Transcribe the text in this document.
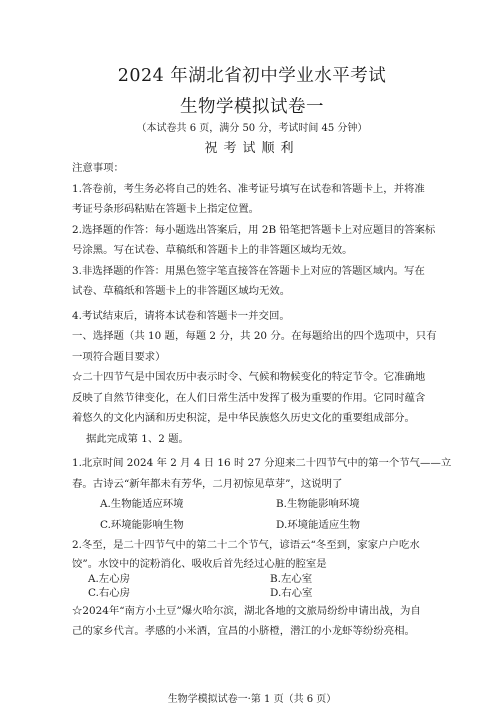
2024 年湖北省初中学业水平考试
生物学模拟试卷一
（本试卷共 6 页，满分 50 分，考试时间 45 分钟）
祝考试顺利

注意事项：

1.答卷前，考生务必将自己的姓名、准考证号填写在试卷和答题卡上，并将准

考证号条形码粘贴在答题卡上指定位置。

2.选择题的作答：每小题选出答案后，用 2B 铅笔把答题卡上对应题目的答案标

号涂黑。写在试卷、草稿纸和答题卡上的非答题区域均无效。

3.非选择题的作答：用黑色签字笔直接答在答题卡上对应的答题区域内。写在

试卷、草稿纸和答题卡上的非答题区域均无效。

4.考试结束后，请将本试卷和答题卡一并交回。

一、选择题（共 10 题，每题 2 分，共 20 分。在每题给出的四个选项中，只有

一项符合题目要求）

☆二十四节气是中国农历中表示时令、气候和物候变化的特定节令。它准确地

反映了自然节律变化，在人们日常生活中发挥了极为重要的作用。它同时蕴含

着悠久的文化内涵和历史积淀，是中华民族悠久历史文化的重要组成部分。

据此完成第 1、2 题。

1.北京时间 2024 年 2 月 4 日 16 时 27 分迎来二十四节气中的第一个节气——立

春。古诗云“新年都未有芳华，二月初惊见草芽”，这说明了

A.生物能适应环境	B.生物能影响环境
C.环境能影响生物	D.环境能适应生物

2.冬至，是二十四节气中的第二十二个节气，谚语云“冬至到，家家户户吃水

饺”。水饺中的淀粉消化、吸收后首先经过心脏的腔室是

A.左心房	B.左心室
C.右心房	D.右心室

☆2024年“南方小土豆”爆火哈尔滨，湖北各地的文旅局纷纷申请出战，为自

己的家乡代言。孝感的小米酒，宜昌的小脐橙，潜江的小龙虾等纷纷亮相。

生物学模拟试卷一·第 1 页（共 6 页）
